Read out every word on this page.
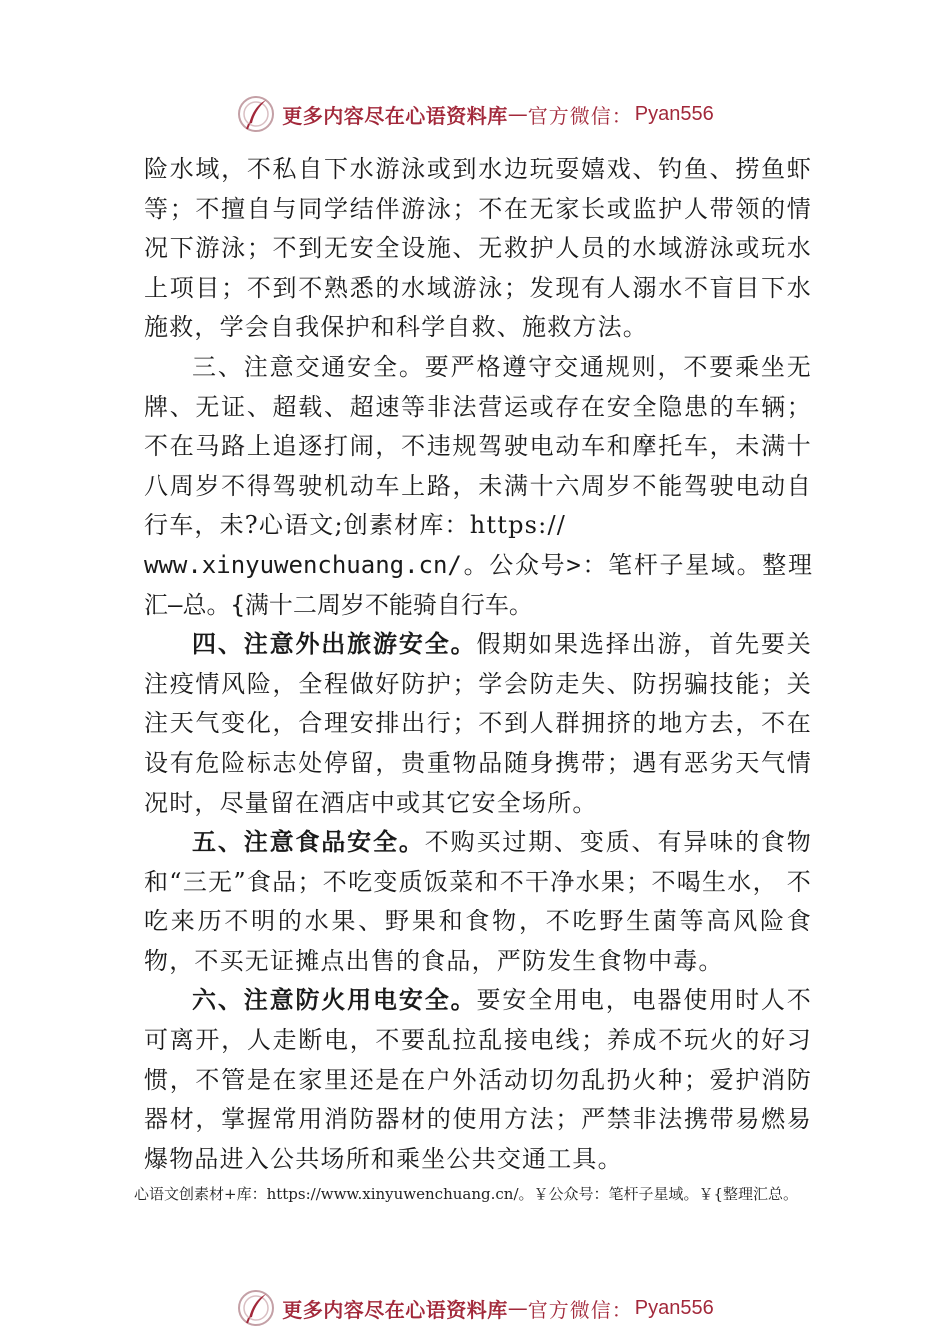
更多内容尽在心语资料库 — 官方微信： Pyan556

险水域，不私自下水游泳或到水边玩耍嬉戏、钓鱼、捞鱼虾等；不擅自与同学结伴游泳；不在无家长或监护人带领的情况下游泳；不到无安全设施、无救护人员的水域游泳或玩水上项目；不到不熟悉的水域游泳；发现有人溺水不盲目下水施救，学会自我保护和科学自救、施救方法。

三、注意交通安全。要严格遵守交通规则，不要乘坐无牌、无证、超载、超速等非法营运或存在安全隐患的车辆；不在马路上追逐打闹，不违规驾驶电动车和摩托车，未满十八周岁不得驾驶机动车上路，未满十六周岁不能驾驶电动自行车，未?心语文;创素材库：https://

www.xinyuwenchuang.cn/。公众号>：笔杆子星域。整理汇—总。{满十二周岁不能骑自行车。

四、注意外出旅游安全。假期如果选择出游，首先要关注疫情风险，全程做好防护；学会防走失、防拐骗技能；关注天气变化，合理安排出行；不到人群拥挤的地方去，不在设有危险标志处停留，贵重物品随身携带；遇有恶劣天气情况时，尽量留在酒店中或其它安全场所。

五、注意食品安全。不购买过期、变质、有异味的食物和“三无”食品；不吃变质饭菜和不干净水果；不喝生水， 不吃来历不明的水果、野果和食物，不吃野生菌等高风险食物，不买无证摊点出售的食品，严防发生食物中毒。

六、注意防火用电安全。要安全用电，电器使用时人不可离开，人走断电，不要乱拉乱接电线；养成不玩火的好习惯，不管是在家里还是在户外活动切勿乱扔火种；爱护消防器材，掌握常用消防器材的使用方法；严禁非法携带易燃易爆物品进入公共场所和乘坐公共交通工具。

心语文创素材+库：https://www.xinyuwenchuang.cn/。￥公众号：笔杆子星域。￥{整理汇总。
更多内容尽在心语资料库 — 官方微信： Pyan556
